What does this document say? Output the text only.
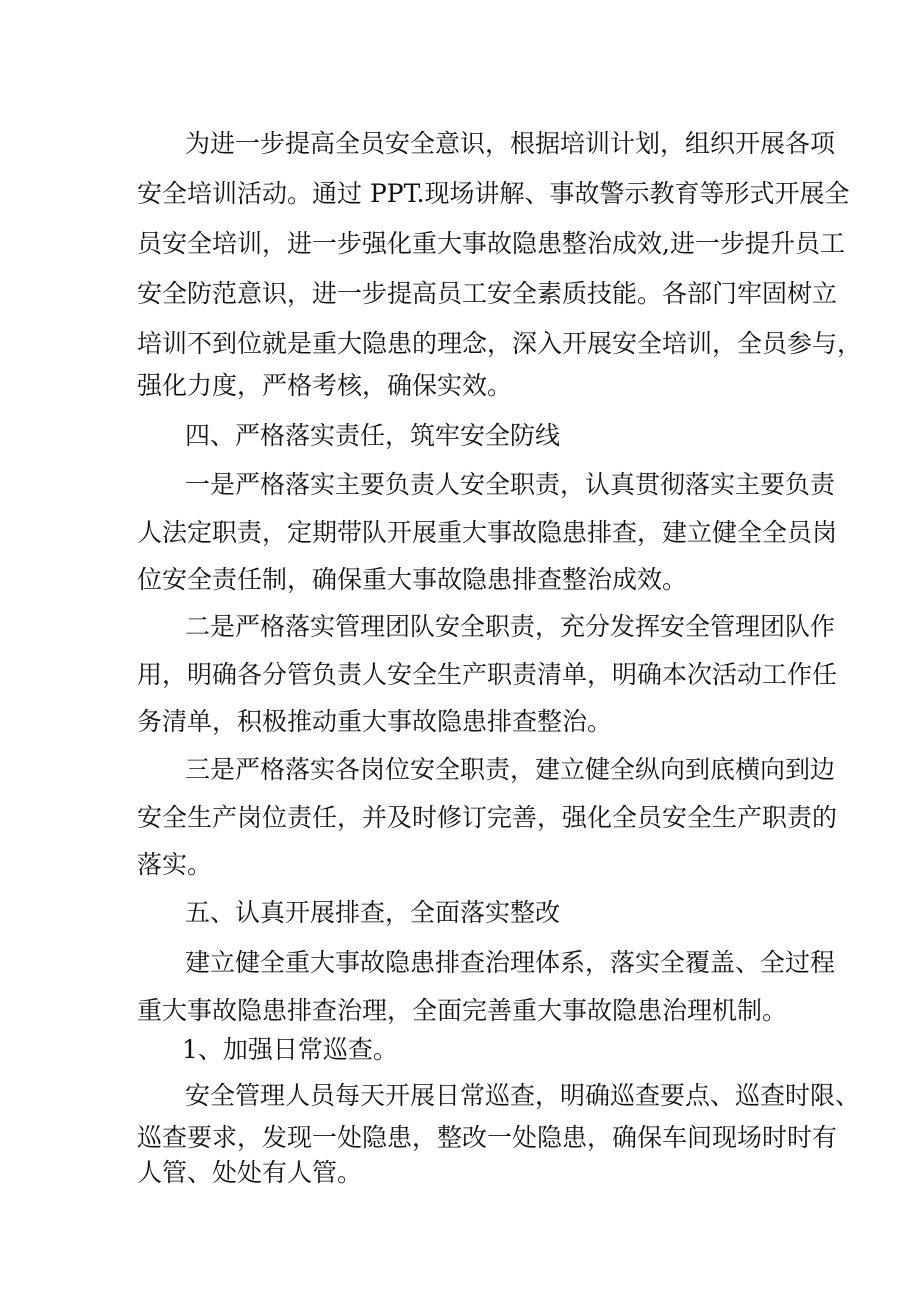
为进一步提高全员安全意识，根据培训计划，组织开展各项
安全培训活动。通过 PPT.现场讲解、事故警示教育等形式开展全
员安全培训，进一步强化重大事故隐患整治成效,进一步提升员工
安全防范意识，进一步提高员工安全素质技能。各部门牢固树立
培训不到位就是重大隐患的理念，深入开展安全培训，全员参与，
强化力度，严格考核，确保实效。
四、严格落实责任，筑牢安全防线
一是严格落实主要负责人安全职责，认真贯彻落实主要负责
人法定职责，定期带队开展重大事故隐患排查，建立健全全员岗
位安全责任制，确保重大事故隐患排查整治成效。
二是严格落实管理团队安全职责，充分发挥安全管理团队作
用，明确各分管负责人安全生产职责清单，明确本次活动工作任
务清单，积极推动重大事故隐患排查整治。
三是严格落实各岗位安全职责，建立健全纵向到底横向到边
安全生产岗位责任，并及时修订完善，强化全员安全生产职责的
落实。
五、认真开展排查，全面落实整改
建立健全重大事故隐患排查治理体系，落实全覆盖、全过程
重大事故隐患排查治理，全面完善重大事故隐患治理机制。
1、加强日常巡查。
安全管理人员每天开展日常巡查，明确巡查要点、巡查时限、
巡查要求，发现一处隐患，整改一处隐患，确保车间现场时时有
人管、处处有人管。
